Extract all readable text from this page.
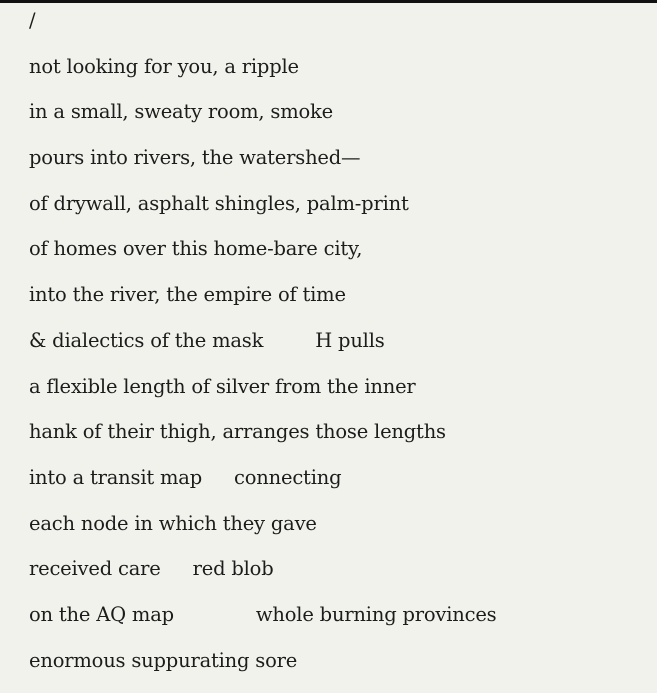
/
not looking for you, a ripple
in a small, sweaty room, smoke
pours into rivers, the watershed—
of drywall, asphalt shingles, palm-print
of homes over this home-bare city,
into the river, the empire of time
& dialectics of the mask	H pulls
a flexible length of silver from the inner
hank of their thigh, arranges those lengths
into a transit map connecting
each node in which they gave
received care red blob
on the AQ map	whole burning provinces
enormous suppurating sore
